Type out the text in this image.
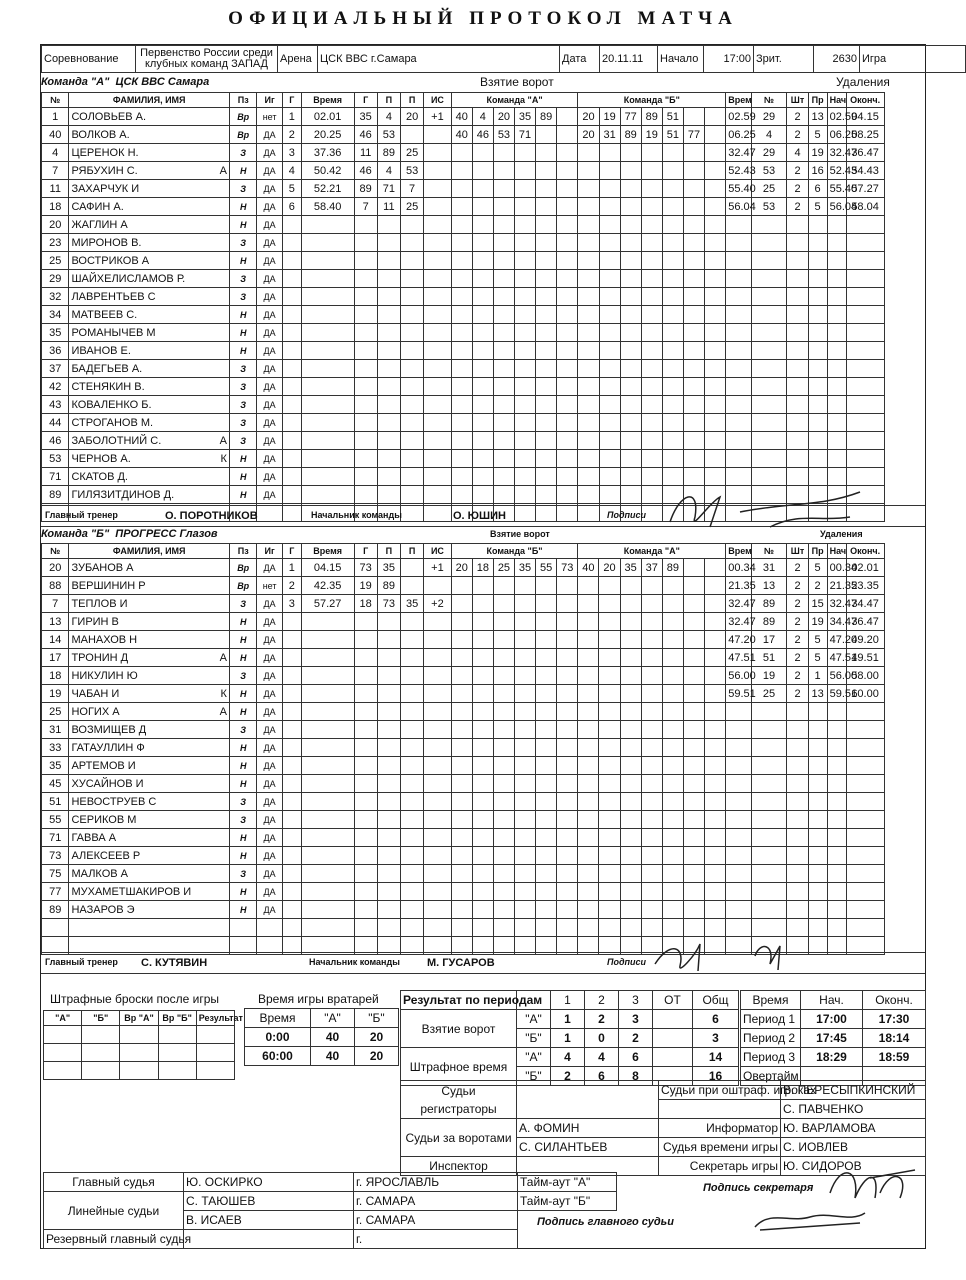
ОФИЦИАЛЬНЫЙ ПРОТОКОЛ МАТЧА
Соревнование	Первенство России среди клубных команд ЗАПАД	Арена	ЦСК ВВС г.Самара	Дата	20.11.11	Начало	17:00	Зрит.	2630	Игра
Команда "А" ЦСК ВВС Самара	Взятие ворот	Удаления
№	ФАМИЛИЯ, ИМЯ	Пз	Иг	Г	Время	Г	П	П	ИС	Команда "А"						Команда "Б"							Врем	№	Шт	Пр	Нач	Оконч.
1	СОЛОВЬЕВ А.	Вр	нет	1	02.01	35	4	20	+1	40	4	20	35	89		20	19	77	89	51			02.59	29	2	13	02.59	04.15
40	ВОЛКОВ А.	Вр	ДА	2	20.25	46	53			40	46	53	71			20	31	89	19	51	77		06.25	4	2	5	06.25	08.25
4	ЦЕРЕНОК Н.	З	ДА	3	37.36	11	89	25															32.47	29	4	19	32.47	36.47
7	РЯБУХИН С. А	Н	ДА	4	50.42	46	4	53															52.43	53	2	16	52.43	54.43
11	ЗАХАРЧУК И	З	ДА	5	52.21	89	71	7															55.40	25	2	6	55.40	57.27
18	САФИН А.	Н	ДА	6	58.40	7	11	25															56.04	53	2	5	56.04	58.04
20	ЖАГЛИН А	Н	ДА																									
23	МИРОНОВ В.	З	ДА																									
25	ВОСТРИКОВ А	Н	ДА																									
29	ШАЙХЕЛИСЛАМОВ Р.	З	ДА																									
32	ЛАВРЕНТЬЕВ С	З	ДА																									
34	МАТВЕЕВ С.	Н	ДА																									
35	РОМАНЫЧЕВ М	Н	ДА																									
36	ИВАНОВ Е.	Н	ДА																									
37	БАДЕГЬЕВ А.	З	ДА																									
42	СТЕНЯКИН В.	З	ДА																									
43	КОВАЛЕНКО Б.	З	ДА																									
44	СТРОГАНОВ М.	З	ДА																									
46	ЗАБОЛОТНИЙ С. А	З	ДА																									
53	ЧЕРНОВ А. К	Н	ДА																									
71	СКАТОВ Д.	Н	ДА																									
89	ГИЛЯЗИТДИНОВ Д.	Н	ДА																									

Главный тренер	О. ПОРОТНИКОВ	Начальник команды	О. ЮШИН	Подписи
Команда "Б" ПРОГРЕСС Глазов	Взятие ворот	Удаления
№	ФАМИЛИЯ, ИМЯ	Пз	Иг	Г	Время	Г	П	П	ИС	Команда "Б"						Команда "А"							Врем	№	Шт	Пр	Нач	Оконч.
20	ЗУБАНОВ А	Вр	ДА	1	04.15	73	35		+1	20	18	25	35	55	73	40	20	35	37	89			00.34	31	2	5	00.34	02.01
88	ВЕРШИНИН Р	Вр	нет	2	42.35	19	89																21.35	13	2	2	21.35	23.35
7	ТЕПЛОВ И	З	ДА	3	57.27	18	73	35	+2														32.47	89	2	15	32.47	34.47
13	ГИРИН В	Н	ДА																				32.47	89	2	19	34.47	36.47
14	МАНАХОВ Н	Н	ДА																				47.20	17	2	5	47.20	49.20
17	ТРОНИН Д А	Н	ДА																				47.51	51	2	5	47.51	49.51
18	НИКУЛИН Ю	З	ДА																				56.00	19	2	1	56.00	58.00
19	ЧАБАН И К	Н	ДА																				59.51	25	2	13	59.51	60.00
25	НОГИХ А А	Н	ДА																									
31	ВОЗМИЩЕВ Д	З	ДА																									
33	ГАТАУЛЛИН Ф	Н	ДА																									
35	АРТЕМОВ И	Н	ДА																									
45	ХУСАЙНОВ И	Н	ДА																									
51	НЕВОСТРУЕВ С	З	ДА																									
55	СЕРИКОВ М	З	ДА																									
71	ГАВВА А	Н	ДА																									
73	АЛЕКСЕЕВ Р	Н	ДА																									
75	МАЛКОВ А	З	ДА																									
77	МУХАМЕТШАКИРОВ И	Н	ДА																									
89	НАЗАРОВ Э	Н	ДА																									

Главный тренер С. КУТЯВИН	Начальник команды М. ГУСАРОВ	Подписи
Штрафные броски после игры
"А"	"Б"	Вр "А"	Вр "Б"	Результат

Время игры вратарей
Время	"А"	"Б"
0:00	40	20
60:00	40	20
Результат по периодам		1	2	3	ОТ	Общ
Взятие ворот	"А"	1	2	3		6
	"Б"	1	0	2		3
Штрафное время	"А"	4	4	6		14
	"Б"	2	6	8		16
Время	Нач.	Оконч.
Период 1	17:00	17:30
Период 2	17:45	18:14
Период 3	18:29	18:59
Овертайм		
Судьи регистраторы		Судьи при оштраф. игроках	В. ПЕРЕСЫПКИНСКИЙ
			С. ПАВЧЕНКО
Судьи за воротами	А. ФОМИН	Информатор	Ю. ВАРЛАМОВА
	С. СИЛАНТЬЕВ	Судья времени игры	С. ИОВЛЕВ
Инспектор		Секретарь игры	Ю. СИДОРОВ
Главный судья	Ю. ОСКИРКО	г. ЯРОСЛАВЛЬ
Линейные судьи	С. ТАЮШЕВ	г. САМАРА
	В. ИСАЕВ	г. САМАРА
Резервный главный судья		г.
Тайм-аут "А"
Тайм-аут "Б"
Подпись секретаря
Подпись главного судьи
